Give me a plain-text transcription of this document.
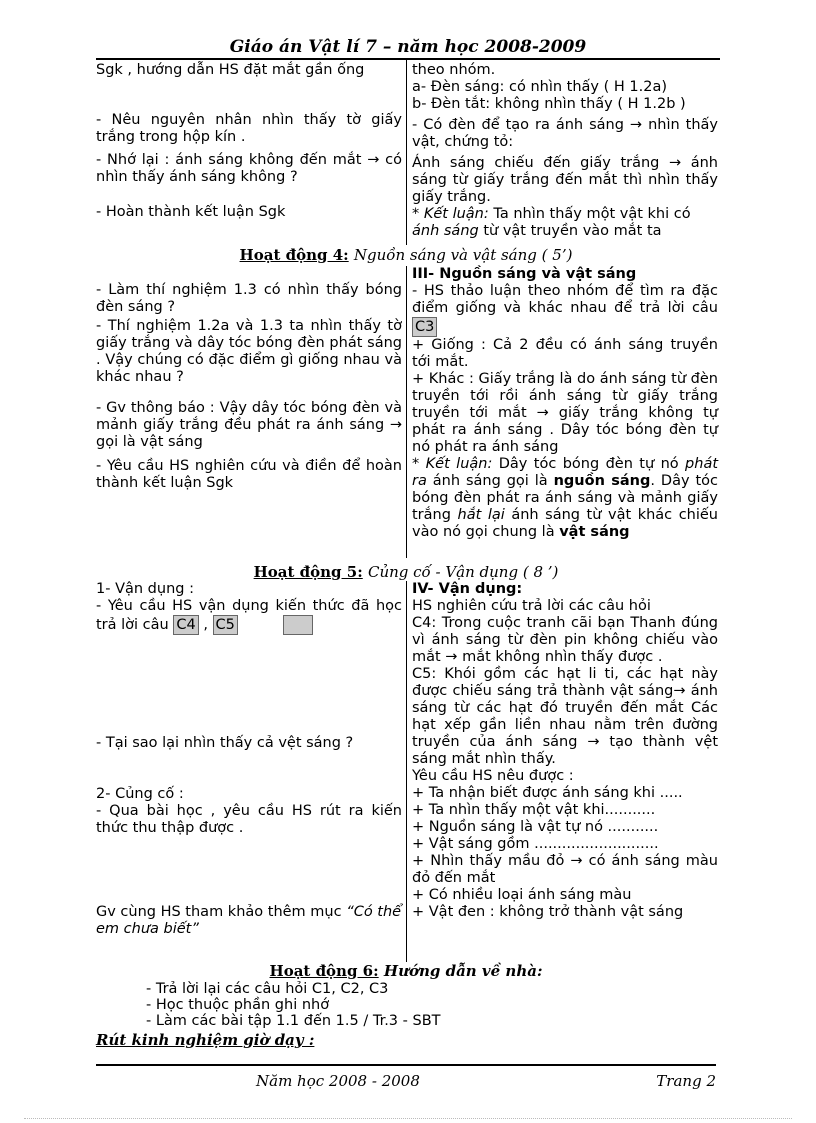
Giáo án Vật lí 7 – năm học 2008-2009
Sgk , hướng dẫn HS đặt mắt gần ống
- Nêu nguyên nhân nhìn thấy tờ giấy trắng trong hộp kín .
- Nhớ lại : ánh sáng không đến mắt → có nhìn thấy ánh sáng không ?
- Hoàn thành kết luận Sgk
theo nhóm.
a- Đèn sáng: có nhìn thấy ( H 1.2a)
b- Đèn tắt: không nhìn thấy ( H 1.2b )
- Có đèn để tạo ra ánh sáng → nhìn thấy vật, chứng tỏ:
Ánh sáng chiếu đến giấy trắng → ánh sáng từ giấy trắng đến mắt thì nhìn thấy giấy trắng.
* Kết luận: Ta nhìn thấy một vật khi có ánh sáng từ vật truyền vào mắt ta
Hoạt động 4: Nguồn sáng và vật sáng ( 5’)
- Làm thí nghiệm 1.3 có nhìn thấy bóng đèn sáng ?
- Thí nghiệm 1.2a và 1.3 ta nhìn thấy tờ giấy trắng và dây tóc bóng đèn phát sáng . Vậy chúng có đặc điểm gì giống nhau và khác nhau ?
- Gv thông báo : Vậy dây tóc bóng đèn và mảnh giấy trắng đều phát ra ánh sáng → gọi là vật sáng
- Yêu cầu HS nghiên cứu và điền để hoàn thành kết luận Sgk
III- Nguồn sáng và vật sáng
- HS thảo luận theo nhóm để tìm ra đặc điểm giống và khác nhau để trả lời câu C3
+ Giống : Cả 2 đều có ánh sáng truyền tới mắt.
+ Khác : Giấy trắng là do ánh sáng từ đèn truyền tới rồi ánh sáng từ giấy trắng truyền tới mắt → giấy trắng không tự phát ra ánh sáng . Dây tóc bóng đèn tự nó phát ra ánh sáng
* Kết luận: Dây tóc bóng đèn tự nó phát ra ánh sáng gọi là nguồn sáng. Dây tóc bóng đèn phát ra ánh sáng và mảnh giấy trắng hắt lại ánh sáng từ vật khác chiếu vào nó gọi chung là vật sáng
Hoạt động 5: Củng cố - Vận dụng ( 8 ’)
1- Vận dụng :
- Yêu cầu HS vận dụng kiến thức đã học trả lời câu C4 , C5
- Tại sao lại nhìn thấy cả vệt sáng ?
2- Củng cố :
- Qua bài học , yêu cầu HS rút ra kiến thức thu thập được .
Gv cùng HS tham khảo thêm mục “Có thể em chưa biết”
IV- Vận dụng:
HS nghiên cứu trả lời các câu hỏi
C4: Trong cuộc tranh cãi bạn Thanh đúng vì ánh sáng từ đèn pin không chiếu vào mắt → mắt không nhìn thấy được .
C5: Khói gồm các hạt li ti, các hạt này được chiếu sáng trả thành vật sáng→ ánh sáng từ các hạt đó truyền đến mắt Các hạt xếp gần liền nhau nằm trên đường truyền của ánh sáng → tạo thành vệt sáng mắt nhìn thấy.
Yêu cầu HS nêu được :
+ Ta nhận biết được ánh sáng khi .....
+ Ta nhìn thấy một vật khi...........
+ Nguồn sáng là vật tự nó ...........
+ Vật sáng gồm ...........................
+ Nhìn thấy mầu đỏ → có ánh sáng màu đỏ đến mắt
+ Có nhiều loại ánh sáng màu
+ Vật đen : không trở thành vật sáng
Hoạt động 6: Hướng dẫn về nhà:
- Trả lời lại các câu hỏi C1, C2, C3
- Học thuộc phần ghi nhớ
- Làm các bài tập 1.1 đến 1.5 / Tr.3 - SBT
Rút kinh nghiệm giờ dạy :
Năm học 2008 - 2008	Trang 2
